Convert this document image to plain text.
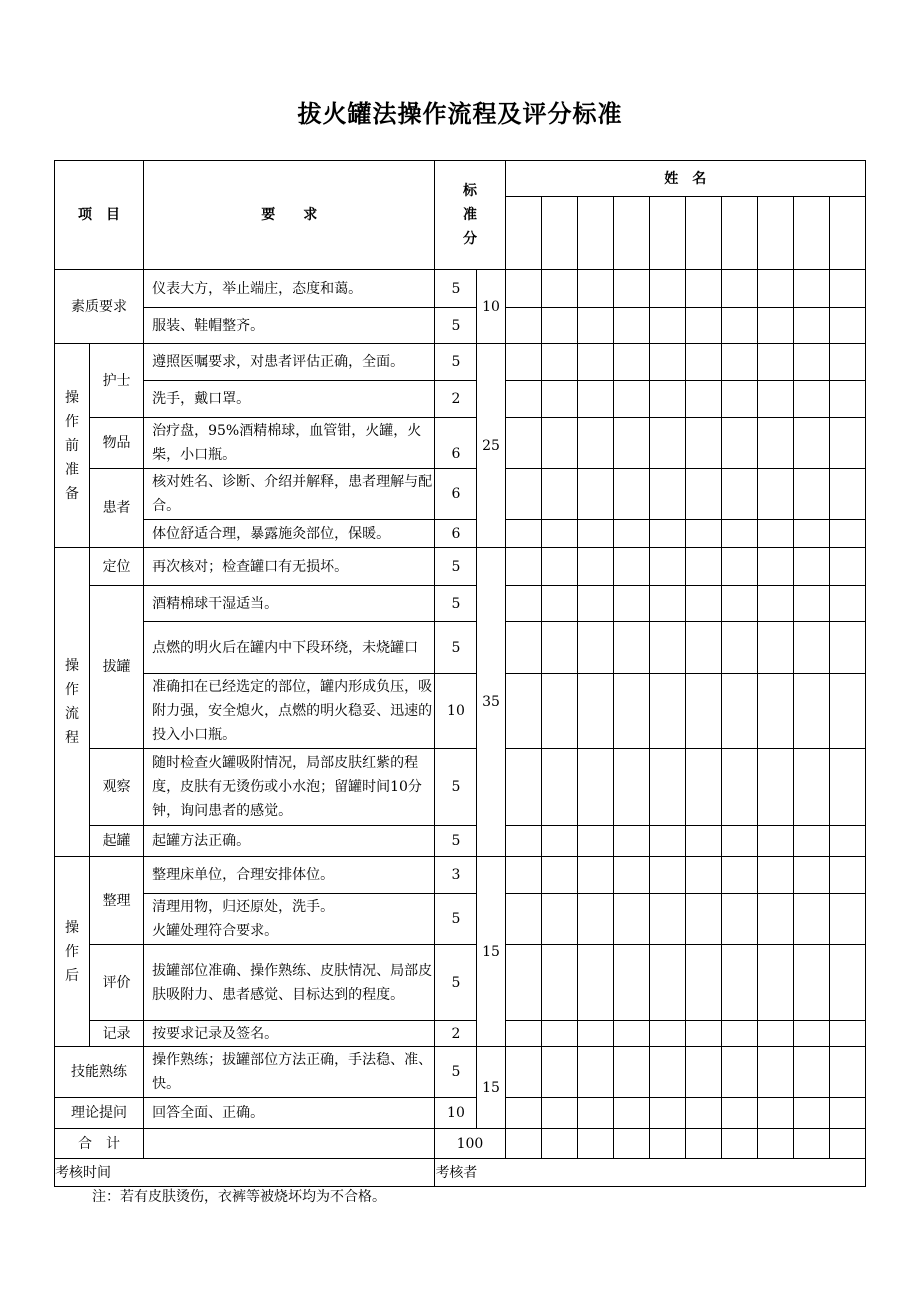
拔火罐法操作流程及评分标准
项　目		要　　求	标
准
分		姓　名									

素质要求		仪表大方，举止端庄，态度和蔼。	5	10										
		服装、鞋帽整齐。	5											

操
作
前
准
备	护士	遵照医嘱要求，对患者评估正确，全面。	5	25										
		洗手，戴口罩。	2											
	物品	治疗盘，95%酒精棉球，血管钳，火罐，火柴，小口瓶。	6											
	患者	核对姓名、诊断、介绍并解释，患者理解与配合。	6											
		体位舒适合理，暴露施灸部位，保暖。	6											

操
作
流
程	定位	再次核对；检查罐口有无损坏。	5	35										
	拔罐	酒精棉球干湿适当。	5											
		点燃的明火后在罐内中下段环绕，未烧罐口	5											
		准确扣在已经选定的部位，罐内形成负压，吸附力强，安全熄火，点燃的明火稳妥、迅速的投入小口瓶。	10											
	观察	随时检查火罐吸附情况，局部皮肤红紫的程度，皮肤有无烫伤或小水泡；留罐时间10分钟，询问患者的感觉。	5											
	起罐	起罐方法正确。	5											

操
作
后	整理	整理床单位，合理安排体位。	3	15										

		清理用物，归还原处，洗手。
火罐处理符合要求。	5											
	评价	拔罐部位准确、操作熟练、皮肤情况、局部皮肤吸附力、患者感觉、目标达到的程度。	5											
	记录	按要求记录及签名。	2											
技能熟练		操作熟练；拔罐部位方法正确，手法稳、准、快。	5	15										
理论提问		回答全面、正确。	10											
合　计			100											
考核时间			考核者											
注：若有皮肤烫伤，衣裤等被烧坏均为不合格。
